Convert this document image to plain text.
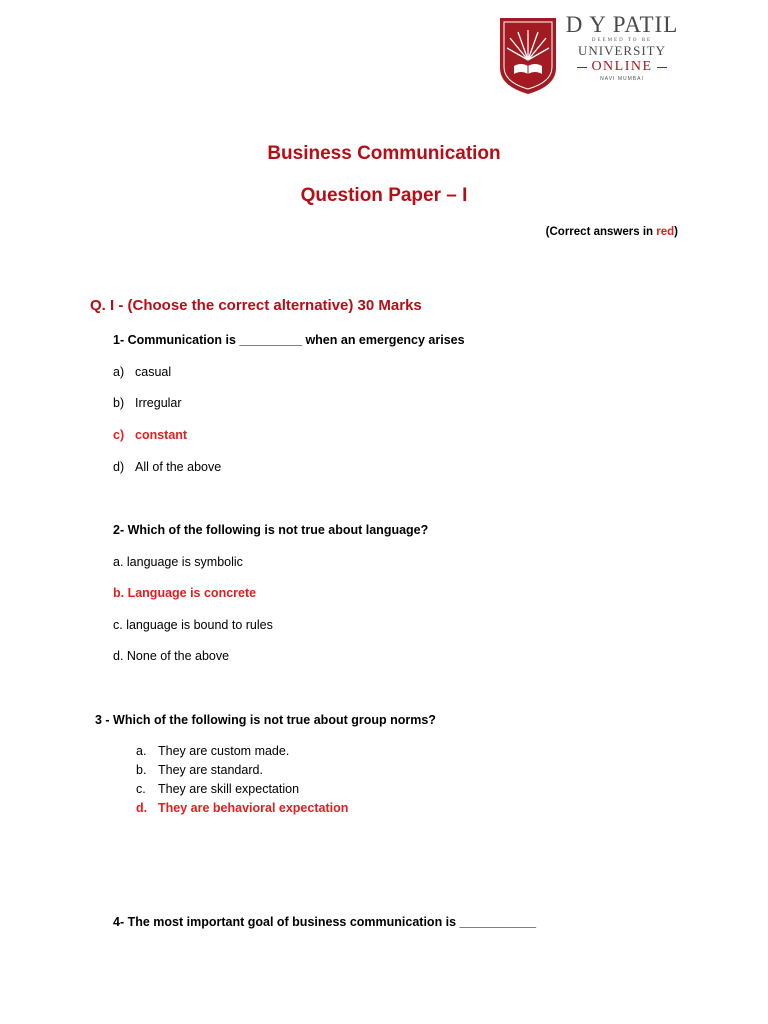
D Y PATIL
DEEMED TO BE
UNIVERSITY
ONLINE
NAVI MUMBAI
Business Communication
Question Paper – I
(Correct answers in red)
Q. I - (Choose the correct alternative) 30 Marks
1- Communication is _________ when an emergency arises
a) casual
b) Irregular
c) constant
d) All of the above
2- Which of the following is not true about language?
a. language is symbolic
b. Language is concrete
c. language is bound to rules
d. None of the above
3 - Which of the following is not true about group norms?
a. They are custom made.
b. They are standard.
c. They are skill expectation
d. They are behavioral expectation
4- The most important goal of business communication is ___________
